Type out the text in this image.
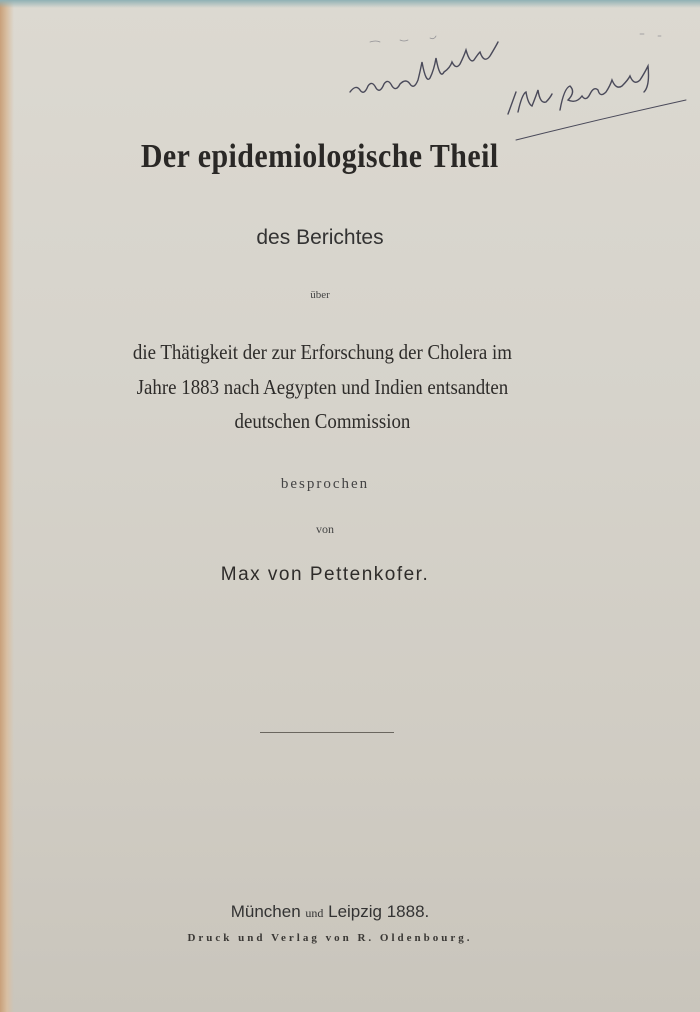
Der epidemiologische Theil
des Berichtes
über
die Thätigkeit der zur Erforschung der Cholera im
Jahre 1883 nach Aegypten und Indien entsandten
deutschen Commission
besprochen
von
Max von Pettenkofer.
München und Leipzig 1888.
Druck und Verlag von R. Oldenbourg.
